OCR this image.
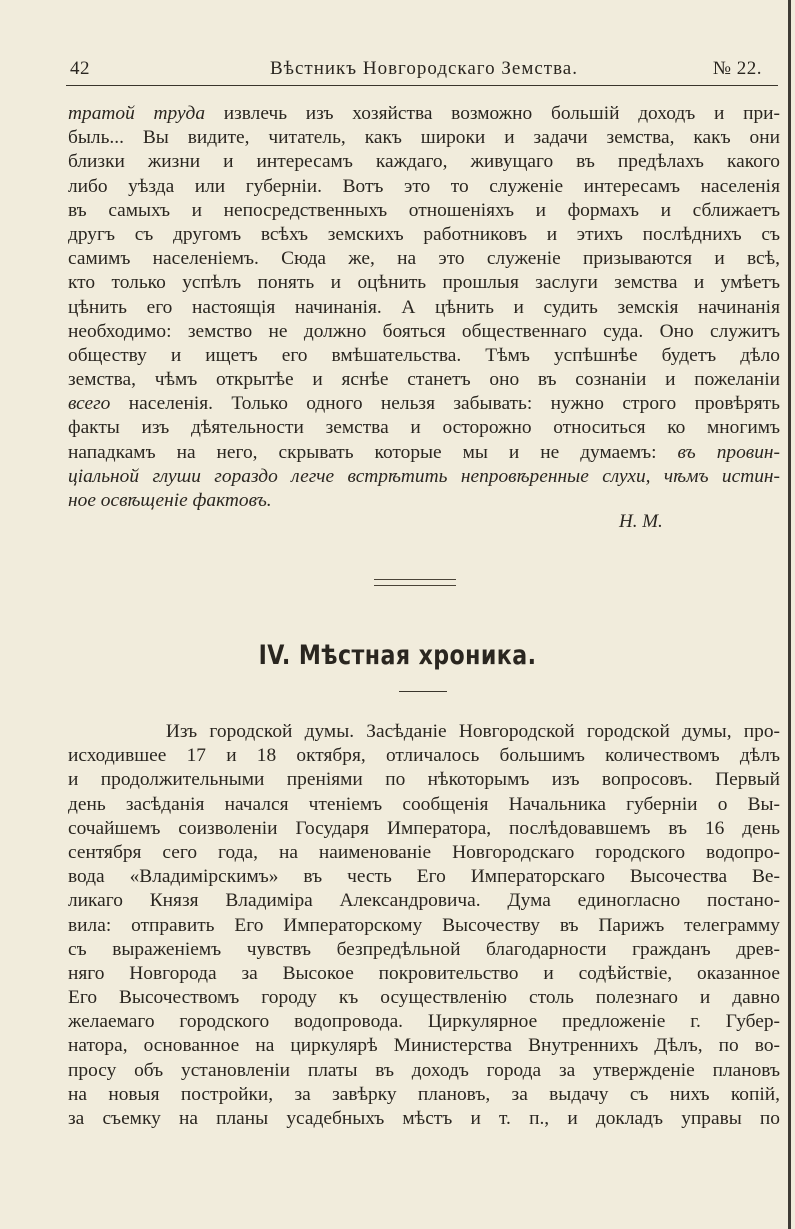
42	Вѣстникъ Новгородскаго Земства.	№ 22.
тратой труда извлечь изъ хозяйства возможно большій доходъ и при-
быль... Вы видите, читатель, какъ широки и задачи земства, какъ они
близки жизни и интересамъ каждаго, живущаго въ предѣлахъ какого
либо уѣзда или губерніи. Вотъ это то служеніе интересамъ населенія
въ самыхъ и непосредственныхъ отношеніяхъ и формахъ и сближаетъ
другъ съ другомъ всѣхъ земскихъ работниковъ и этихъ послѣднихъ съ
самимъ населеніемъ. Сюда же, на это служеніе призываются и всѣ,
кто только успѣлъ понять и оцѣнить прошлыя заслуги земства и умѣетъ
цѣнить его настоящія начинанія. А цѣнить и судить земскія начинанія
необходимо: земство не должно бояться общественнаго суда. Оно служитъ
обществу и ищетъ его вмѣшательства. Тѣмъ успѣшнѣе будетъ дѣло
земства, чѣмъ открытѣе и яснѣе станетъ оно въ сознаніи и пожеланіи
всего населенія. Только одного нельзя забывать: нужно строго провѣрять
факты изъ дѣятельности земства и осторожно относиться ко многимъ
нападкамъ на него, скрывать которые мы и не думаемъ: въ провин-
ціальной глуши гораздо легче встрѣтить непровѣренные слухи, чѣмъ истин-
ное освѣщеніе фактовъ.
Н. М.
IV. Мѣстная хроника.
Изъ городской думы. Засѣданіе Новгородской городской думы, про-
исходившее 17 и 18 октября, отличалось большимъ количествомъ дѣлъ
и продолжительными преніями по нѣкоторымъ изъ вопросовъ. Первый
день засѣданія начался чтеніемъ сообщенія Начальника губерніи о Вы-
сочайшемъ соизволеніи Государя Императора, послѣдовавшемъ въ 16 день
сентября сего года, на наименованіе Новгородскаго городского водопро-
вода «Владимірскимъ» въ честь Его Императорскаго Высочества Ве-
ликаго Князя Владиміра Александровича. Дума единогласно постано-
вила: отправить Его Императорскому Высочеству въ Парижъ телеграмму
съ выраженіемъ чувствъ безпредѣльной благодарности гражданъ древ-
няго Новгорода за Высокое покровительство и содѣйствіе, оказанное
Его Высочествомъ городу къ осуществленію столь полезнаго и давно
желаемаго городского водопровода. Циркулярное предложеніе г. Губер-
натора, основанное на циркулярѣ Министерства Внутреннихъ Дѣлъ, по во-
просу объ установленіи платы въ доходъ города за утвержденіе плановъ
на новыя постройки, за завѣрку плановъ, за выдачу съ нихъ копій,
за съемку на планы усадебныхъ мѣстъ и т. п., и докладъ управы по
